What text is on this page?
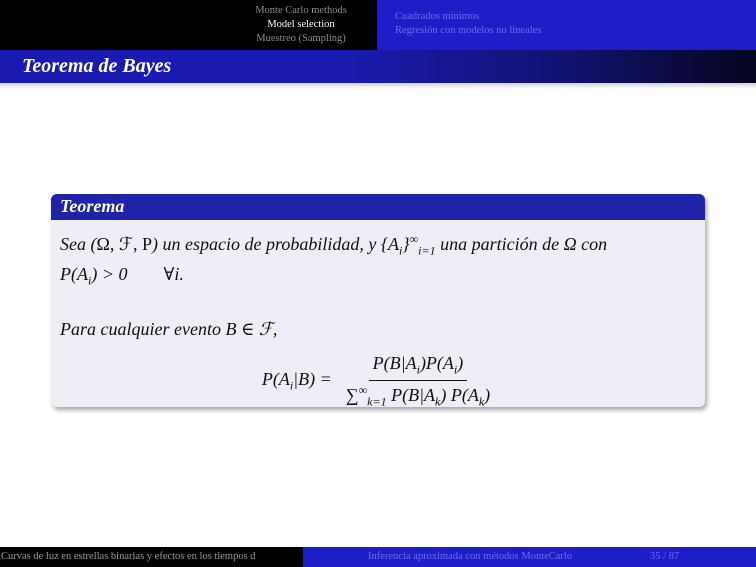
Monte Carlo methods
Model selection
Muestreo (Sampling)
Cuadrados mínimos
Regresión con modelos no lineales
Teorema de Bayes
Teorema
Sea (Ω, ℱ, P) un espacio de probabilidad, y $\{A_i\}^\infty_{i=1}$ una partición de Ω con
$P(A_i) > 0$        ∀i.
Para cualquier evento B ∈ ℱ,
$P(A_i|B) = \frac{P(B|A_i)P(A_i)}{\sum^\infty_{k=1} P(B|A_k) P(A_k)}$
Curvas de luz en estrellas binarias y efectos en los tiempos d	Inferencia aproximada con métodos MonteCarlo	35 / 87
